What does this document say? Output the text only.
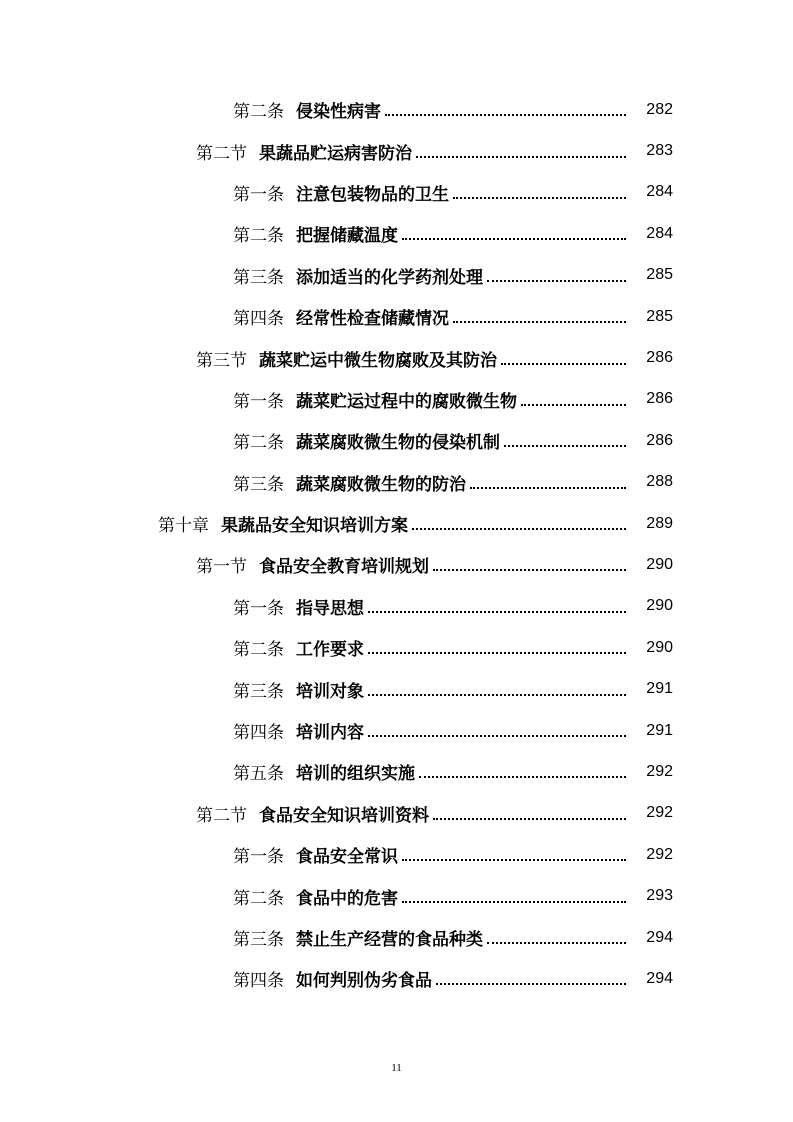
第二条 侵染性病害	282
第二节 果蔬品贮运病害防治	283
第一条 注意包装物品的卫生	284
第二条 把握储藏温度	284
第三条 添加适当的化学药剂处理	285
第四条 经常性检查储藏情况	285
第三节 蔬菜贮运中微生物腐败及其防治	286
第一条 蔬菜贮运过程中的腐败微生物	286
第二条 蔬菜腐败微生物的侵染机制	286
第三条 蔬菜腐败微生物的防治	288
第十章 果蔬品安全知识培训方案	289
第一节 食品安全教育培训规划	290
第一条 指导思想	290
第二条 工作要求	290
第三条 培训对象	291
第四条 培训内容	291
第五条 培训的组织实施	292
第二节 食品安全知识培训资料	292
第一条 食品安全常识	292
第二条 食品中的危害	293
第三条 禁止生产经营的食品种类	294
第四条 如何判别伪劣食品	294
11
